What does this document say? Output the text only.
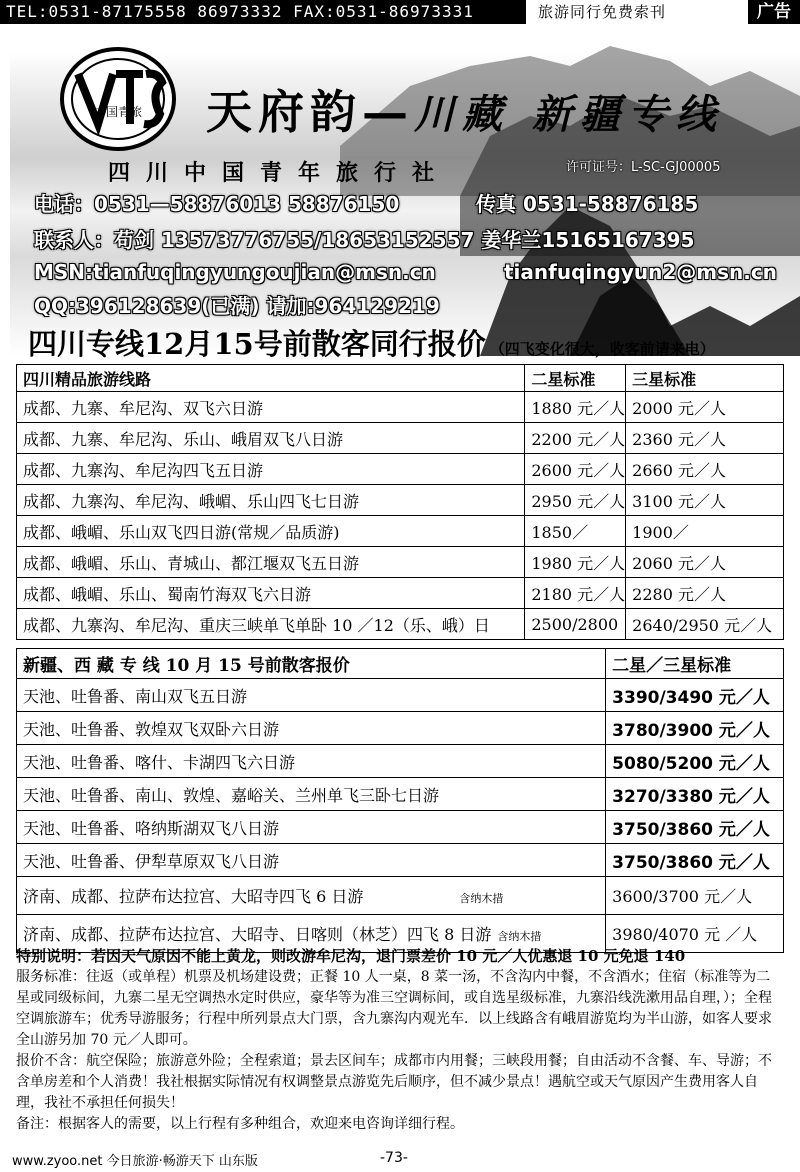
TEL:0531-87175558 86973332 FAX:0531-86973331	旅游同行免费索刊	广告
中国青旅 天府韵—川藏 新疆专线
四川中国青年旅行社	许可证号：L-SC-GJ00005
电话：0531—58876013 58876150	传真 0531-58876185
联系人：苟剑 13573776755/18653152557 姜华兰15165167395
MSN:tianfuqingyungoujian@msn.cn	tianfuqingyun2@msn.cn
QQ:396128639(已满) 请加:964129219
四川专线12月15号前散客同行报价 （四飞变化很大，收客前请来电）
四川精品旅游线路	二星标准	三星标准
成都、九寨、牟尼沟、双飞六日游	1880 元／人	2000 元／人
成都、九寨、牟尼沟、乐山、峨眉双飞八日游	2200 元／人	2360 元／人
成都、九寨沟、牟尼沟四飞五日游	2600 元／人	2660 元／人
成都、九寨沟、牟尼沟、峨嵋、乐山四飞七日游	2950 元／人	3100 元／人
成都、峨嵋、乐山双飞四日游(常规／品质游)	1850／	1900／
成都、峨嵋、乐山、青城山、都江堰双飞五日游	1980 元／人	2060 元／人
成都、峨嵋、乐山、蜀南竹海双飞六日游	2180 元／人	2280 元／人
成都、九寨沟、牟尼沟、重庆三峡单飞单卧 10 ／12（乐、峨）日	2500/2800	2640/2950 元／人
新疆、西 藏 专 线 10 月 15 号前散客报价	二星／三星标准
天池、吐鲁番、南山双飞五日游	3390/3490 元／人
天池、吐鲁番、敦煌双飞双卧六日游	3780/3900 元／人
天池、吐鲁番、喀什、卡湖四飞六日游	5080/5200 元／人
天池、吐鲁番、南山、敦煌、嘉峪关、兰州单飞三卧七日游	3270/3380 元／人
天池、吐鲁番、咯纳斯湖双飞八日游	3750/3860 元／人
天池、吐鲁番、伊犁草原双飞八日游	3750/3860 元／人
济南、成都、拉萨布达拉宫、大昭寺四飞 6 日游 含纳木措	3600/3700 元／人
济南、成都、拉萨布达拉宫、大昭寺、日喀则（林芝）四飞 8 日游 含纳木措	3980/4070 元 ／人

特别说明：若因天气原因不能上黄龙，则改游牟尼沟，退门票差价 10 元／人优惠退 10 元免退 140

服务标准：往返（或单程）机票及机场建设费；正餐 10 人一桌，8 菜一汤，不含沟内中餐，不含酒水；住宿（标准等为二星或同级标间，九寨二星无空调热水定时供应，豪华等为准三空调标间，或自选星级标准，九寨沿线洗漱用品自理，）；全程空调旅游车；优秀导游服务；行程中所列景点大门票，含九寨沟内观光车．以上线路含有峨眉游览均为半山游，如客人要求全山游另加 70 元／人即可。

报价不含：航空保险；旅游意外险；全程索道；景去区间车；成都市内用餐；三峡段用餐；自由活动不含餐、车、导游；不含单房差和个人消费！我社根据实际情况有权调整景点游览先后顺序，但不减少景点！遇航空或天气原因产生费用客人自理，我社不承担任何损失！

备注：根据客人的需要，以上行程有多种组合，欢迎来电咨询详细行程。

www.zyoo.net 今日旅游·畅游天下 山东版	-73-
